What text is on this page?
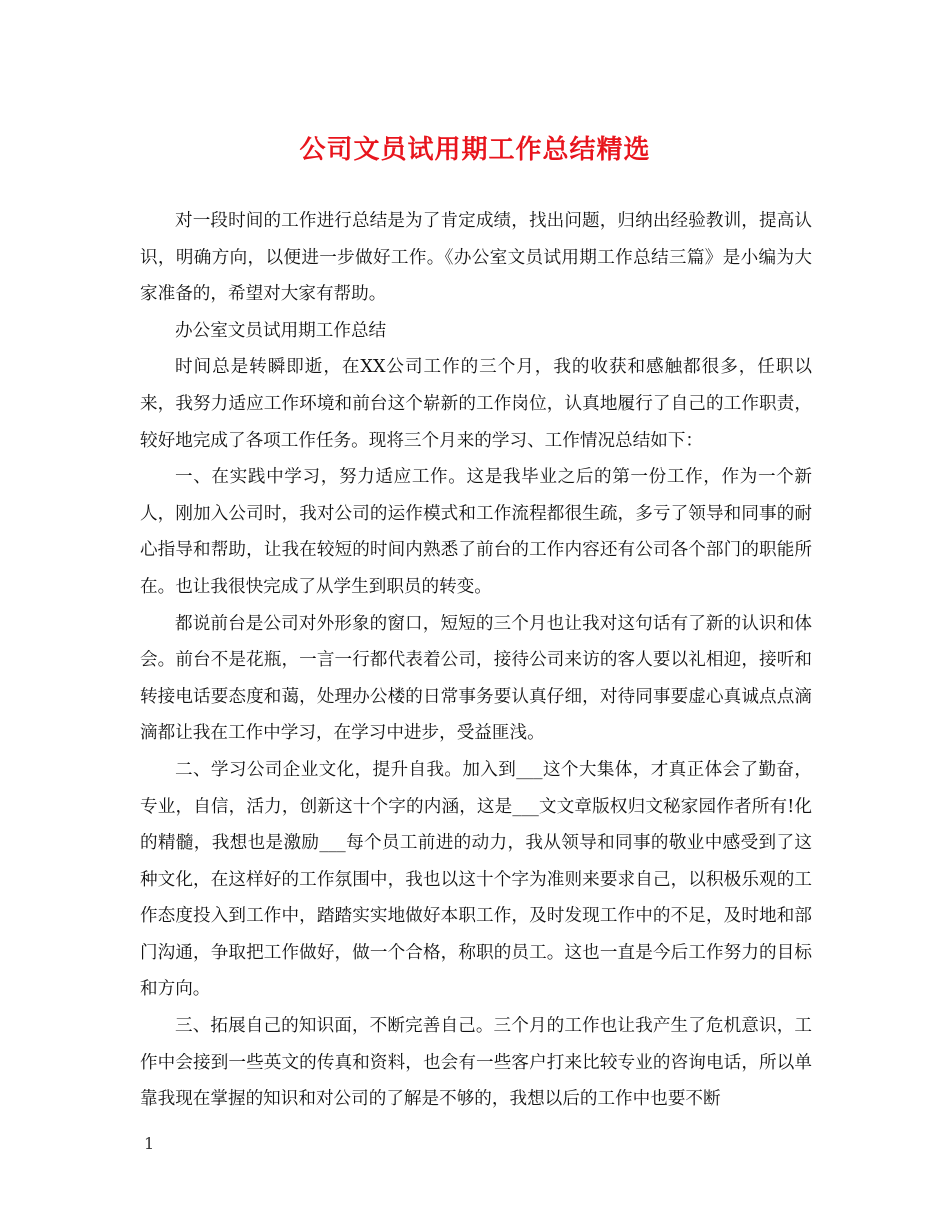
公司文员试用期工作总结精选

对一段时间的工作进行总结是为了肯定成绩，找出问题，归纳出经验教训，提高认识，明确方向，以便进一步做好工作。《办公室文员试用期工作总结三篇》是小编为大家准备的，希望对大家有帮助。

办公室文员试用期工作总结

时间总是转瞬即逝，在XX公司工作的三个月，我的收获和感触都很多，任职以来，我努力适应工作环境和前台这个崭新的工作岗位，认真地履行了自己的工作职责，较好地完成了各项工作任务。现将三个月来的学习、工作情况总结如下：

一、在实践中学习，努力适应工作。这是我毕业之后的第一份工作，作为一个新人，刚加入公司时，我对公司的运作模式和工作流程都很生疏，多亏了领导和同事的耐心指导和帮助，让我在较短的时间内熟悉了前台的工作内容还有公司各个部门的职能所在。也让我很快完成了从学生到职员的转变。

都说前台是公司对外形象的窗口，短短的三个月也让我对这句话有了新的认识和体会。前台不是花瓶，一言一行都代表着公司，接待公司来访的客人要以礼相迎，接听和转接电话要态度和蔼，处理办公楼的日常事务要认真仔细，对待同事要虚心真诚点点滴滴都让我在工作中学习，在学习中进步，受益匪浅。

二、学习公司企业文化，提升自我。加入到___这个大集体，才真正体会了勤奋，专业，自信，活力，创新这十个字的内涵，这是___文文章版权归文秘家园作者所有!化的精髓，我想也是激励___每个员工前进的动力，我从领导和同事的敬业中感受到了这种文化，在这样好的工作氛围中，我也以这十个字为准则来要求自己，以积极乐观的工作态度投入到工作中，踏踏实实地做好本职工作，及时发现工作中的不足，及时地和部门沟通，争取把工作做好，做一个合格，称职的员工。这也一直是今后工作努力的目标和方向。

三、拓展自己的知识面，不断完善自己。三个月的工作也让我产生了危机意识，工作中会接到一些英文的传真和资料，也会有一些客户打来比较专业的咨询电话，所以单靠我现在掌握的知识和对公司的了解是不够的，我想以后的工作中也要不断

1
